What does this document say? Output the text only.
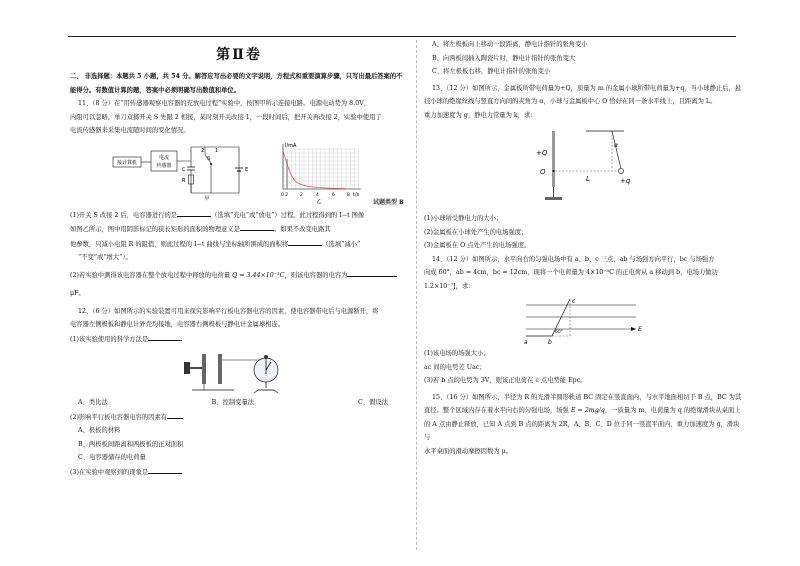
第Ⅱ卷

二、 非选择题：本题共 5 小题，共 54 分。解答应写出必要的文字说明，方程式和重要演算步骤，只写出最后答案的不能得分。有数值计算的题，答案中必须明确写出数值和单位。

11、（8 分）在“用传感器观察电容器的充放电过程”实验中，按图甲所示连接电路。电源电动势为 8.0V，

内阻可以忽略。单刀双掷开关 S 先跟 2 相接，某时刻开关改接 1，一段时间后，把开关再改接 2，实验中使用了

电流传感器来采集电流随时间的变化情况。

接计算机
电流
传感器
2 1
S
C
R
E
甲
I/mA
t/s
0.2	2	4	6	8
乙

(1)开关 S 改接 2 后，电容器进行的是	（选填“充电”或“放电”）过程。此过程得到的 I−t 图像

如图乙所示，图中用阴影标记的狭长矩形的面积的物理意义是	。如果不改变电路其

他参数，只减小电阻 R 的阻值，则此过程的 I−t 曲线与坐标轴所围成的面积将	（选填“减小”

“不变”或“增大”）。

(2)若实验中测得该电容器在整个放电过程中释放的电荷量 Q = 3.44×10⁻³C，则该电容器的电容为

μF。

12、（6 分）如图所示的实验装置可用来探究影响平行板电容器电容的因素，使电容器带电后与电源断开，将

电容器左侧极板和静电计外壳均接地，电容器右侧极板与静电计金属球相连。

(1)该实验使用的科学方法是

A、类比法	B、控制变量法	C、假设法

(2)影响平行板电容器电容的因素有

A、极板的材料

B、两极板间距离和两极板的正对面积

C、电容器储存的电荷量

(3)在实验中观察到的现象是

A、将左极板向上移动一段距离，静电计指针的张角变小

B、向两板间插入陶瓷片时，静电计指针的张角变大

C、将左极板右移，静电计指针的张角变小

13、（12 分）如图所示，金属板所带电荷量为+Q，质量为 m 的金属小球所带电荷量为+q，当小球静止后，悬

挂小球的绝缘丝线与竖直方向间的夹角为 α，小球与金属板中心 O 恰好在同一条水平线上，且距离为 L。

重力加速度为 g，静电力常量为 k，求：

+Q
O
L	+q
α
试题类型 B

(1)小球所受静电力的大小；

(2)金属板在小球处产生的电场强度；

(3)金属板在 O 点处产生的电场强度。

14、（12 分）如图所示，水平向右的匀强电场中有 a、b、c 三点，ab 与场强方向平行，bc 与场强方

向成 60°，ab = 4cm，bc = 12cm，现将一个电荷量为 4×10⁻⁸C 的正电荷从 a 移动到 b，电场力做功

1.2×10⁻⁷J，求：

a	b
c
E
60°

(1)该电场的场强大小；

ac 间的电势差 Uac；

(3)若 b 点的电势为 3V，则该正电荷在 c 点电势能 Epc。

15、（16 分）如图所示，半径为 R 的光滑半圆形轨道 BC 固定在竖直面内，与水平地面相切于 B 点，BC 为其

直径。整个区域内存在着水平向右的匀强电场，场强 E = 2mg/q，一质量为 m、电荷量为 q 的绝缘滑块从桌面上

的 A 点由静止释放，已知 A 点到 B 点的距离为 2R，A、B、C、D 位于同一竖直平面内，重力加速度为 g，滑块与

水平桌面的滑动摩擦因数为 μ。
